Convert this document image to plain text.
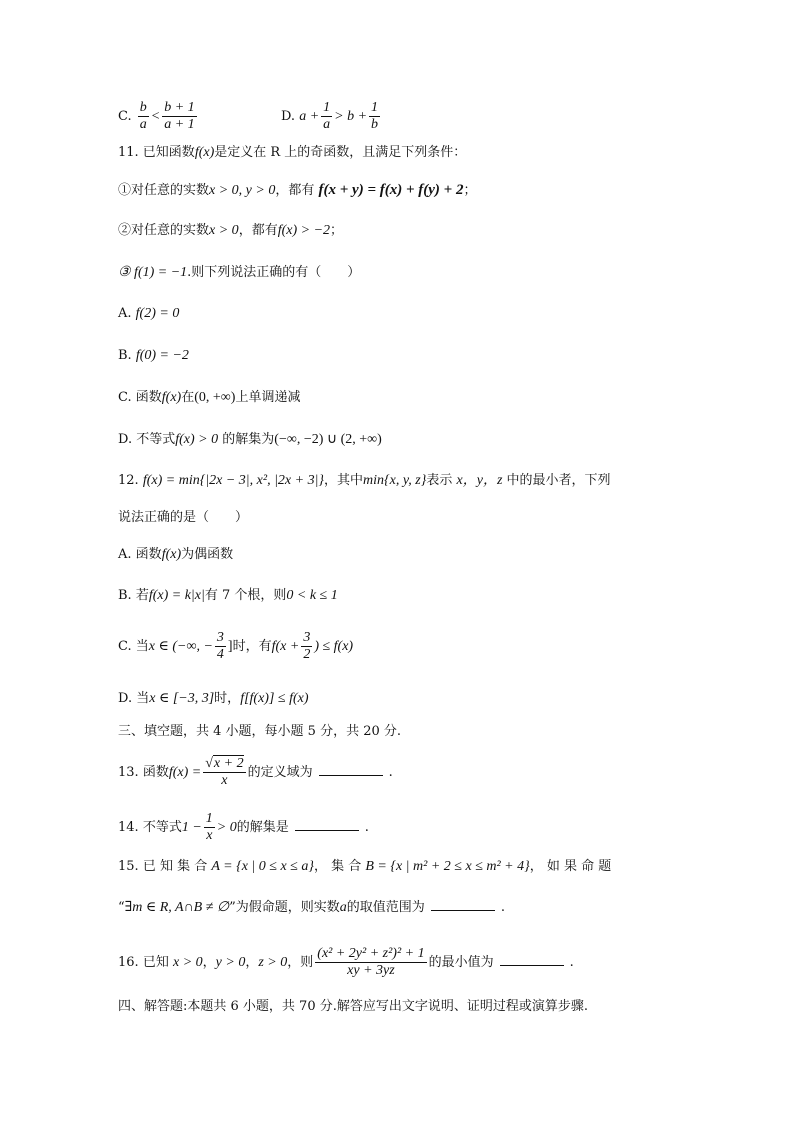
C. $\frac{b}{a} < \frac{b + 1}{a + 1}$	D. $a + \frac{1}{a} > b + \frac{1}{b}$
11. 已知函数f(x)是定义在 R 上的奇函数，且满足下列条件：
①对任意的实数x > 0, y > 0，都有 f(x + y) = f(x) + f(y) + 2；
②对任意的实数x > 0，都有f(x) > −2；
③ f(1) = −1.则下列说法正确的有（　　）
A. f(2) = 0
B. f(0) = −2
C. 函数f(x)在(0, +∞)上单调递减
D. 不等式f(x) > 0 的解集为(−∞, −2) ∪ (2, +∞)
12. f(x) = min{|2x − 3|, x², |2x + 3|}，其中min{x, y, z}表示 x，y，z 中的最小者，下列
说法正确的是（　　）
A. 函数f(x)为偶函数
B. 若f(x) = k|x|有 7 个根，则0 < k ≤ 1
C. 当x ∈ (−∞, − $\frac{3}{4}$ ]时，有$f(x + \frac{3}{2}$ ) ≤ f(x)
D. 当x ∈ [−3, 3]时，f[f(x)] ≤ f(x)
三、填空题，共 4 小题，每小题 5 分，共 20 分.
13. 函数$f(x) = \frac{√x + 2}{x}$ 的定义域为	.
14. 不等式$1 - \frac{1}{x} > 0$的解集是	.
15. 已 知 集 合 A = {x | 0 ≤ x ≤ a}， 集 合 B = {x | m² + 2 ≤ x ≤ m² + 4}， 如 果 命 题
“∃m ∈ R, A∩B ≠ ∅”为假命题，则实数a的取值范围为	.
16. 已知 x > 0，y > 0，z > 0，则 $\frac{\text{(x² + 2y² + z²)² + 1}}{xy + 3yz}$ 的最小值为	.
四、解答题:本题共 6 小题，共 70 分.解答应写出文字说明、证明过程或演算步骤.
